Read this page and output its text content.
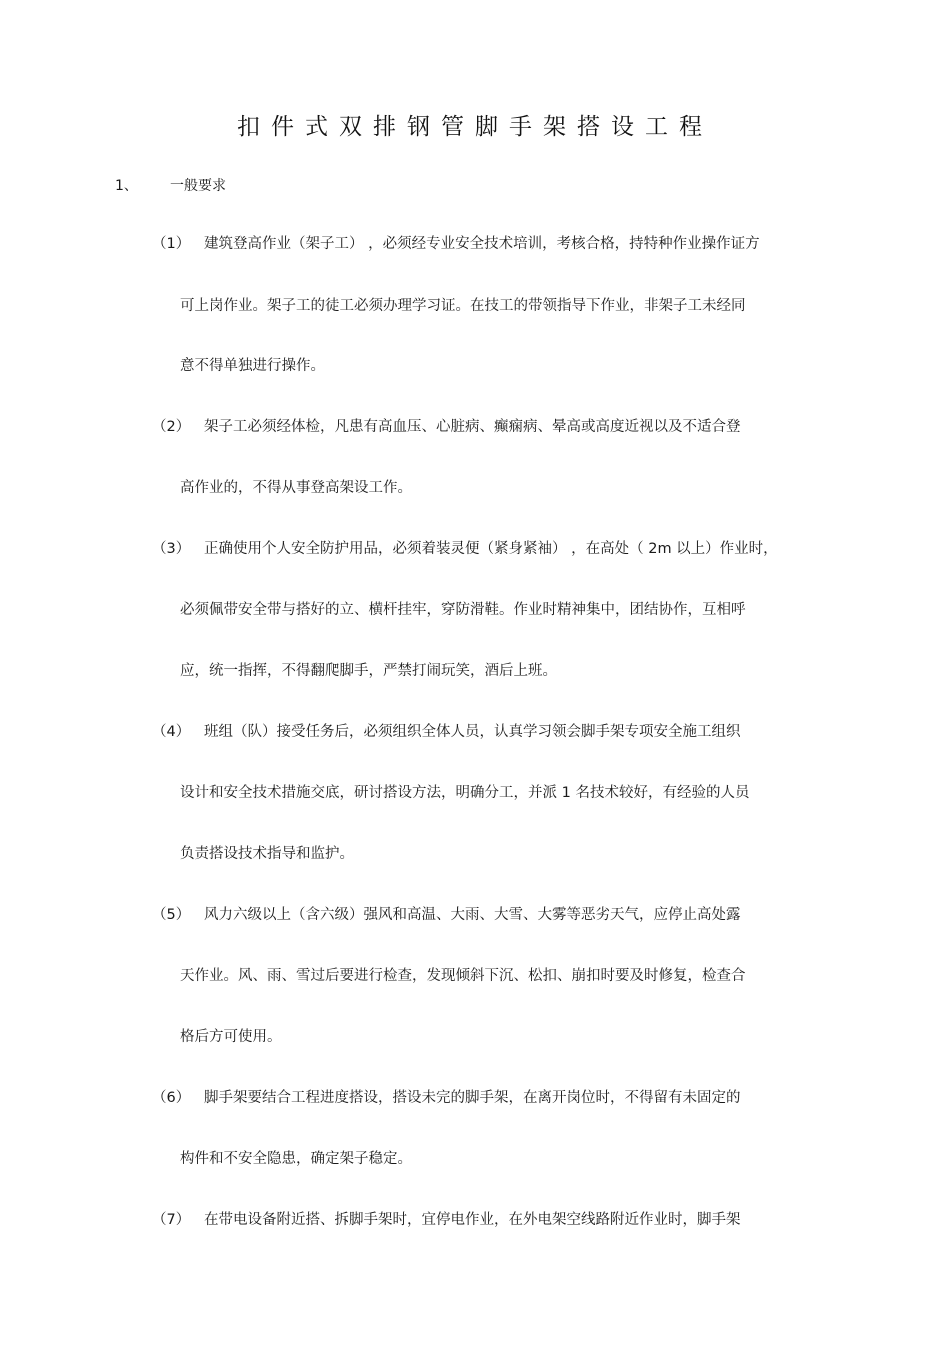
扣件式双排钢管脚手架搭设工程
1、 一般要求
（1） 建筑登高作业（架子工） ，必须经专业安全技术培训，考核合格，持特种作业操作证方
可上岗作业。架子工的徒工必须办理学习证。在技工的带领指导下作业，非架子工未经同
意不得单独进行操作。
（2） 架子工必须经体检，凡患有高血压、心脏病、癫痫病、晕高或高度近视以及不适合登
高作业的，不得从事登高架设工作。
（3） 正确使用个人安全防护用品，必须着装灵便（紧身紧袖） ，在高处（ 2m 以上）作业时，
必须佩带安全带与搭好的立、横杆挂牢，穿防滑鞋。作业时精神集中，团结协作，互相呼
应，统一指挥，不得翻爬脚手，严禁打闹玩笑，酒后上班。
（4） 班组（队）接受任务后，必须组织全体人员，认真学习领会脚手架专项安全施工组织
设计和安全技术措施交底，研讨搭设方法，明确分工，并派 1 名技术较好，有经验的人员
负责搭设技术指导和监护。
（5） 风力六级以上（含六级）强风和高温、大雨、大雪、大雾等恶劣天气，应停止高处露
天作业。风、雨、雪过后要进行检查，发现倾斜下沉、松扣、崩扣时要及时修复，检查合
格后方可使用。
（6） 脚手架要结合工程进度搭设，搭设未完的脚手架，在离开岗位时，不得留有未固定的
构件和不安全隐患，确定架子稳定。
（7） 在带电设备附近搭、拆脚手架时，宜停电作业，在外电架空线路附近作业时，脚手架
